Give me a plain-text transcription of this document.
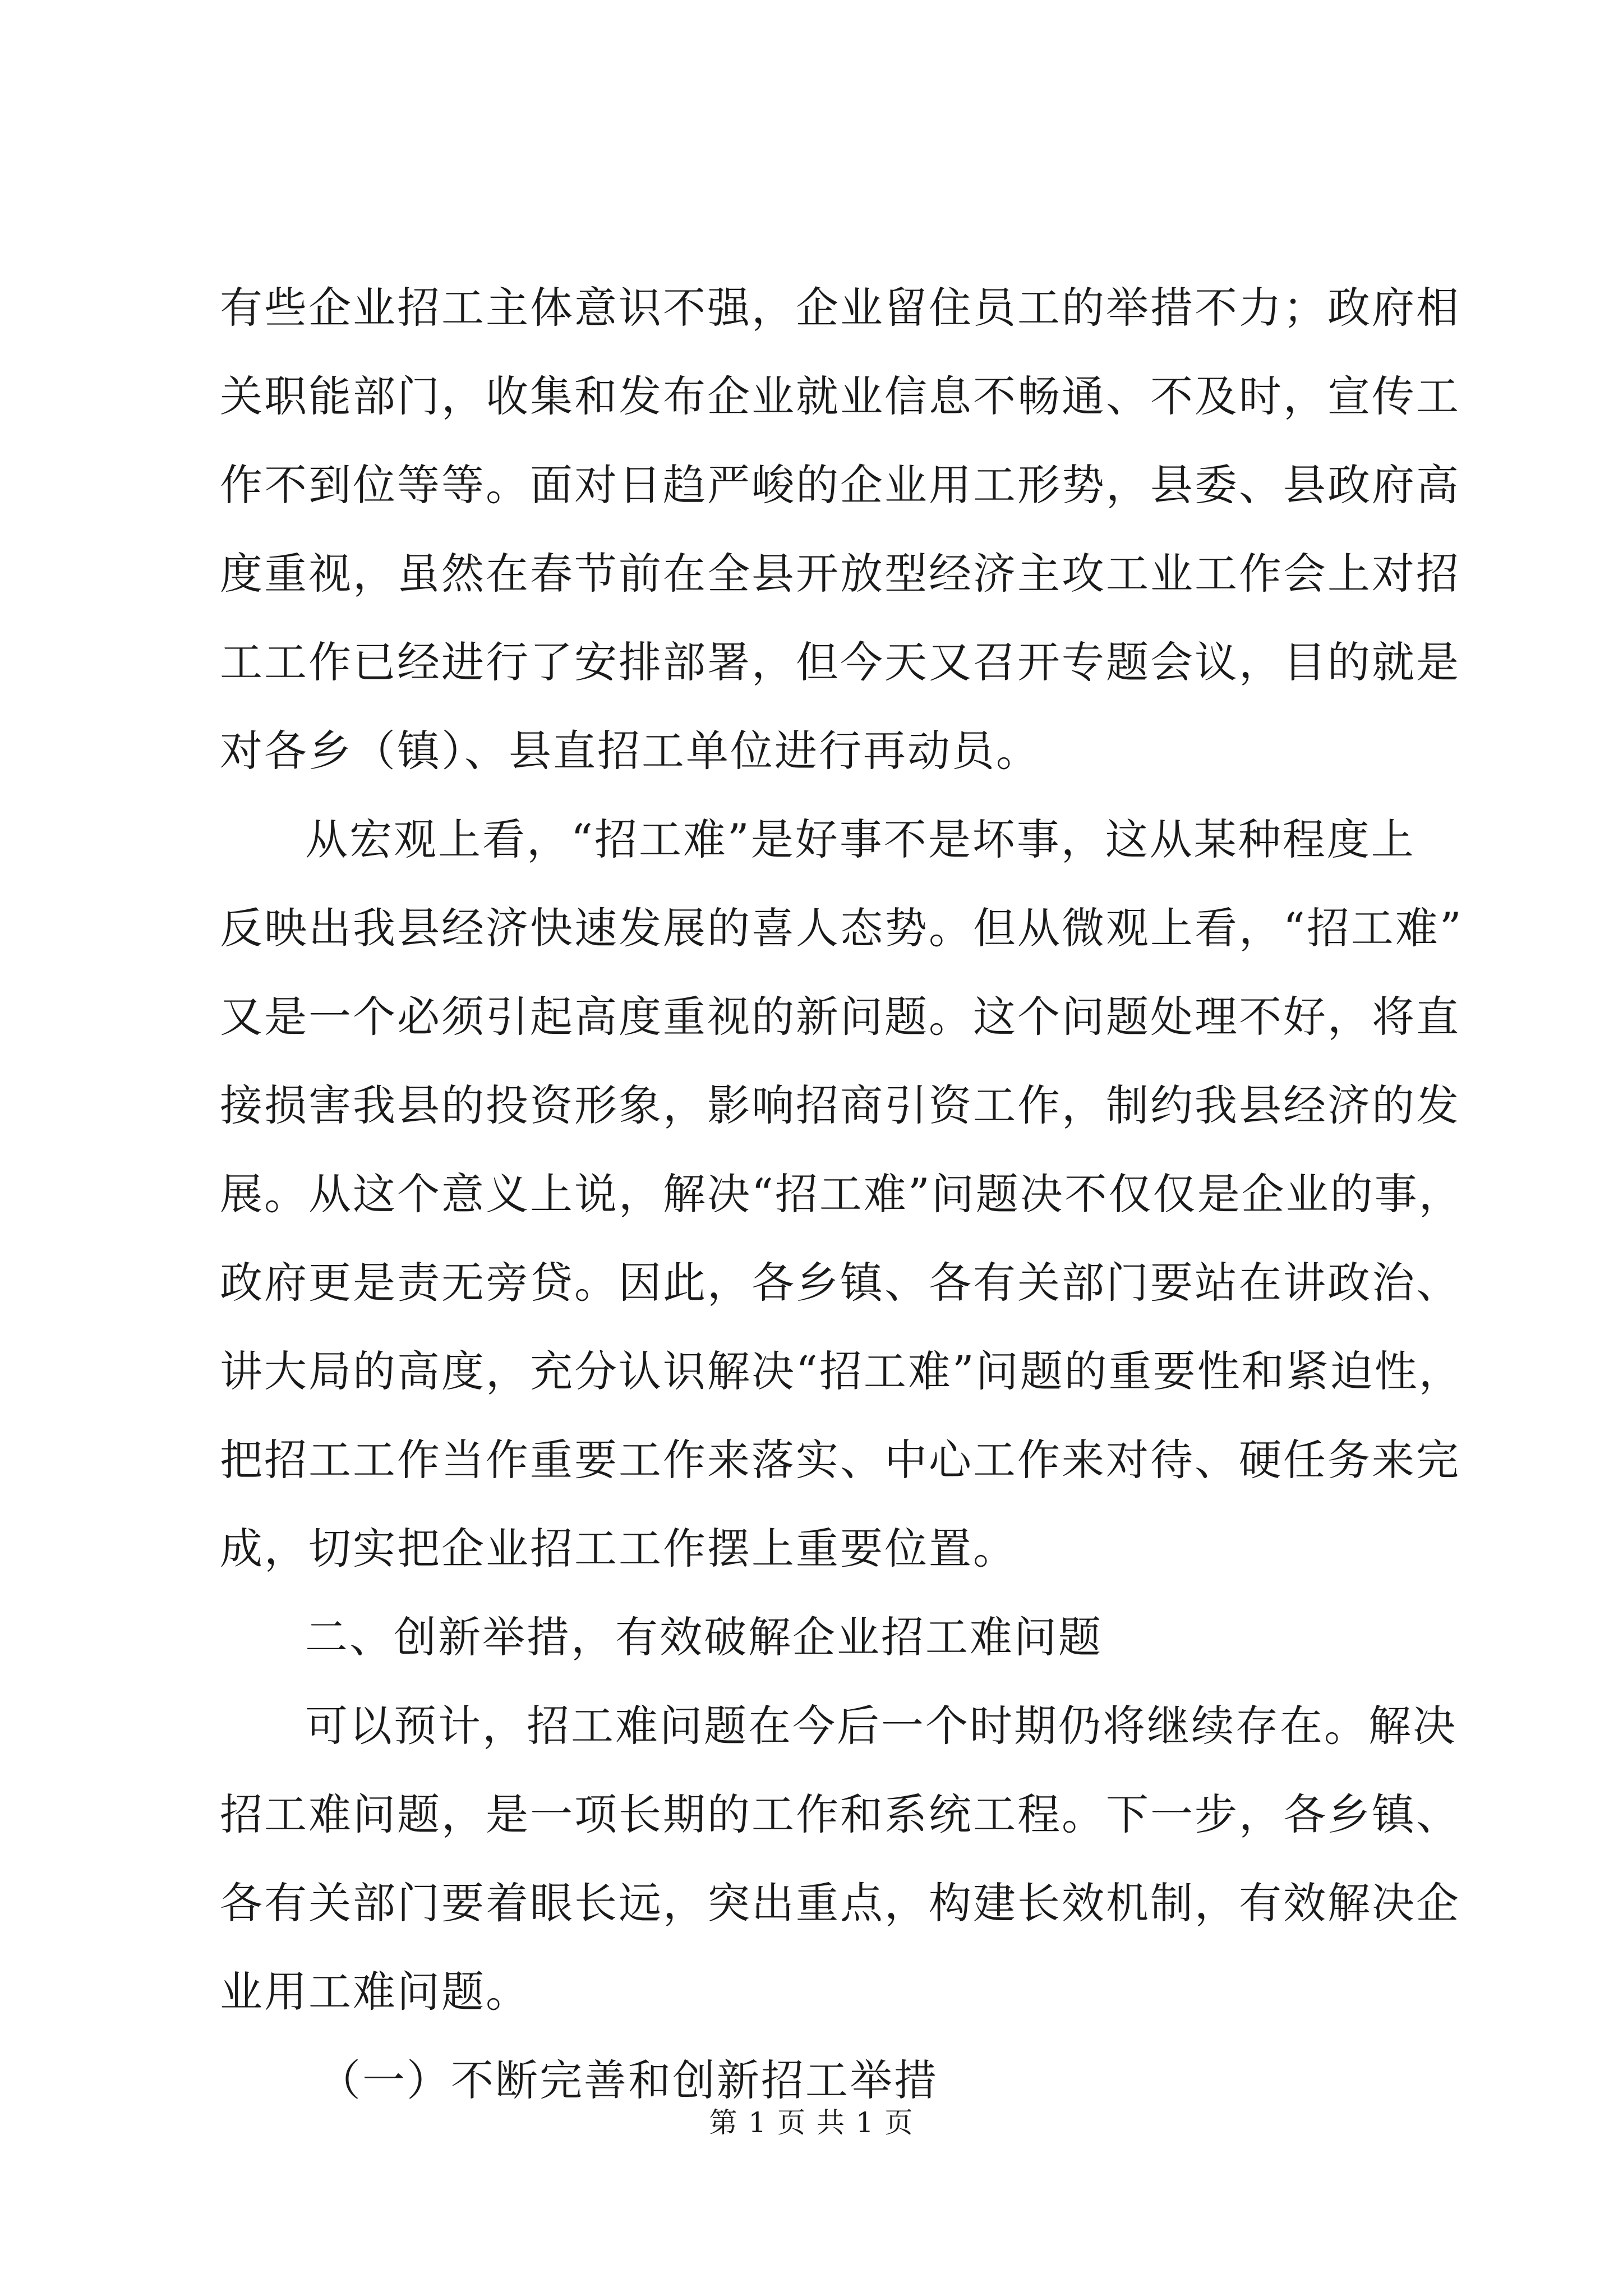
有些企业招工主体意识不强，企业留住员工的举措不力；政府相
关职能部门，收集和发布企业就业信息不畅通、不及时，宣传工
作不到位等等。面对日趋严峻的企业用工形势，县委、县政府高
度重视，虽然在春节前在全县开放型经济主攻工业工作会上对招
工工作已经进行了安排部署，但今天又召开专题会议，目的就是
对各乡（镇）、县直招工单位进行再动员。
从宏观上看，“招工难”是好事不是坏事，这从某种程度上
反映出我县经济快速发展的喜人态势。但从微观上看，“招工难”
又是一个必须引起高度重视的新问题。这个问题处理不好，将直
接损害我县的投资形象，影响招商引资工作，制约我县经济的发
展。从这个意义上说，解决“招工难”问题决不仅仅是企业的事，
政府更是责无旁贷。因此，各乡镇、各有关部门要站在讲政治、
讲大局的高度，充分认识解决“招工难”问题的重要性和紧迫性，
把招工工作当作重要工作来落实、中心工作来对待、硬任务来完
成，切实把企业招工工作摆上重要位置。
二、创新举措，有效破解企业招工难问题
可以预计，招工难问题在今后一个时期仍将继续存在。解决
招工难问题，是一项长期的工作和系统工程。下一步，各乡镇、
各有关部门要着眼长远，突出重点，构建长效机制，有效解决企
业用工难问题。
（一）不断完善和创新招工举措
第 1 页 共 1 页
